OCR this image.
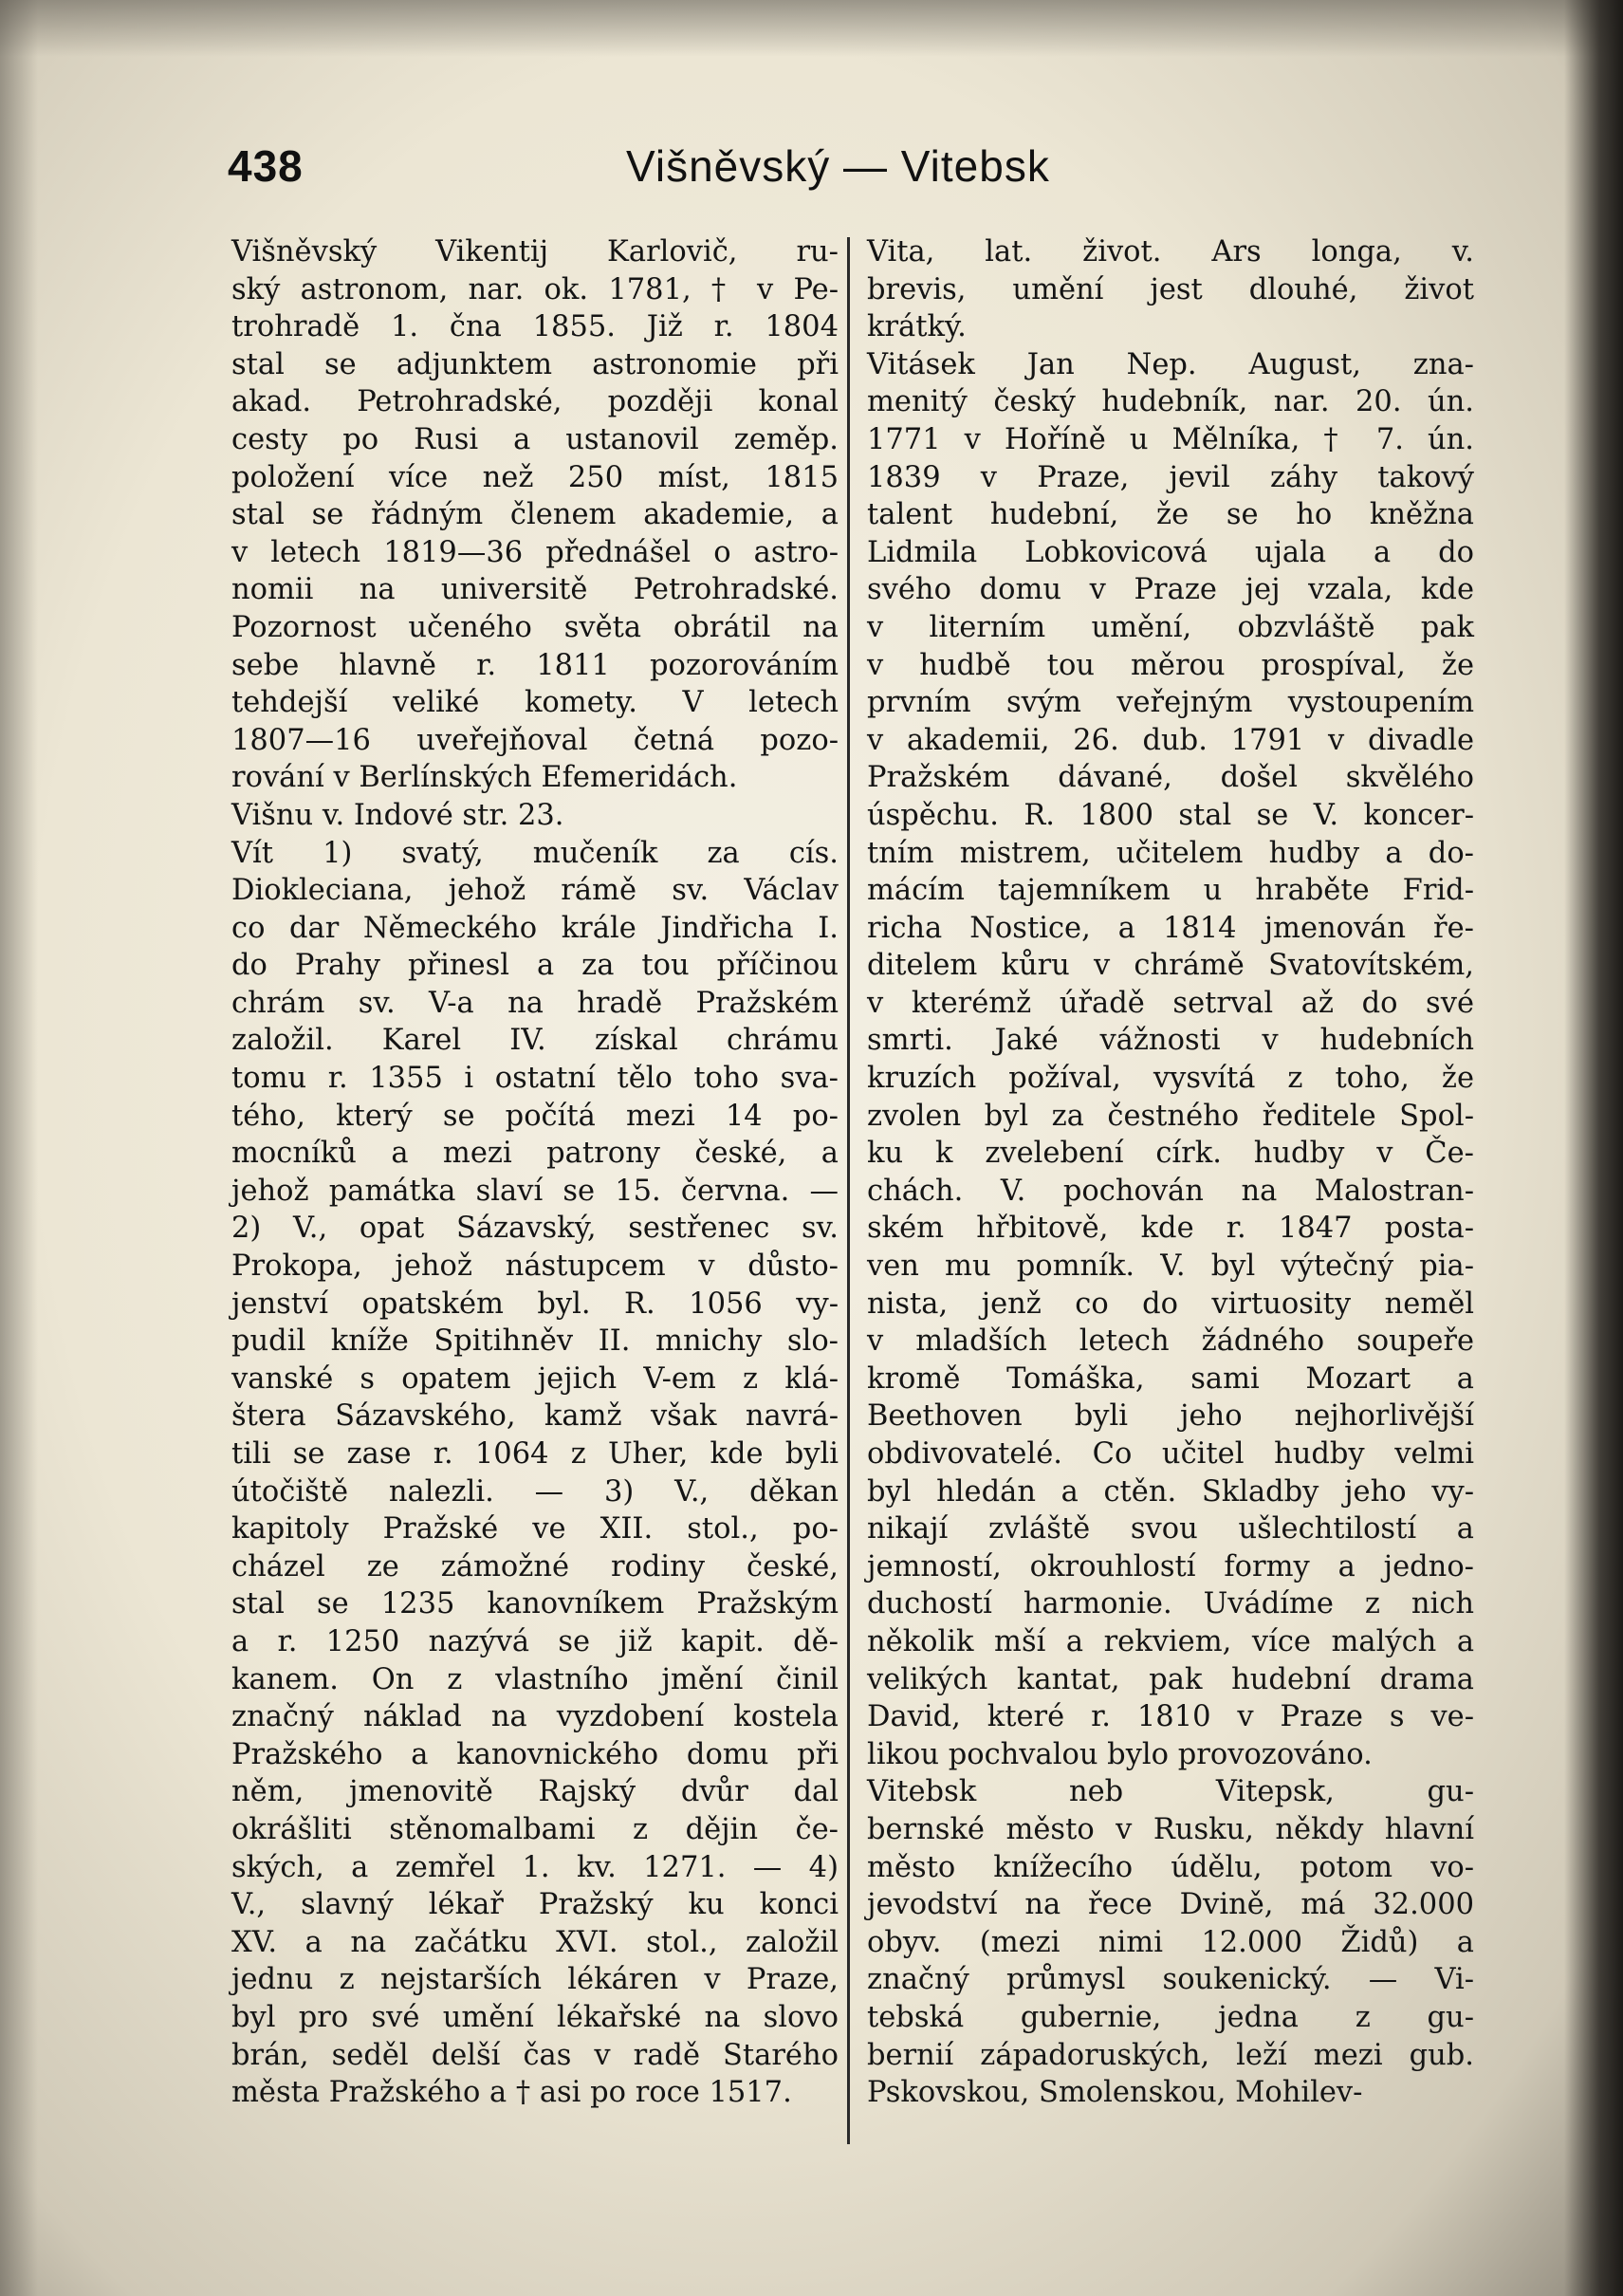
438	Višněvský — Vitebsk
Višněvský Vikentij Karlovič, ru-
ský astronom, nar. ok. 1781, † v Pe-
trohradě 1. čna 1855. Již r. 1804
stal se adjunktem astronomie při
akad. Petrohradské, později konal
cesty po Rusi a ustanovil zeměp.
položení více než 250 míst, 1815
stal se řádným členem akademie, a
v letech 1819—36 přednášel o astro-
nomii na universitě Petrohradské.
Pozornost učeného světa obrátil na
sebe hlavně r. 1811 pozorováním
tehdejší veliké komety. V letech
1807—16 uveřejňoval četná pozo-
rování v Berlínských Efemeridách.
Višnu v. Indové str. 23.
Vít 1) svatý, mučeník za cís.
Diokleciana, jehož rámě sv. Václav
co dar Německého krále Jindřicha I.
do Prahy přinesl a za tou příčinou
chrám sv. V-a na hradě Pražském
založil. Karel IV. získal chrámu
tomu r. 1355 i ostatní tělo toho sva-
tého, který se počítá mezi 14 po-
mocníků a mezi patrony české, a
jehož památka slaví se 15. června. —
2) V., opat Sázavský, sestřenec sv.
Prokopa, jehož nástupcem v důsto-
jenství opatském byl. R. 1056 vy-
pudil kníže Spitihněv II. mnichy slo-
vanské s opatem jejich V-em z klá-
štera Sázavského, kamž však navrá-
tili se zase r. 1064 z Uher, kde byli
útočiště nalezli. — 3) V., děkan
kapitoly Pražské ve XII. stol., po-
cházel ze zámožné rodiny české,
stal se 1235 kanovníkem Pražským
a r. 1250 nazývá se již kapit. dě-
kanem. On z vlastního jmění činil
značný náklad na vyzdobení kostela
Pražského a kanovnického domu při
něm, jmenovitě Rajský dvůr dal
okrášliti stěnomalbami z dějin če-
ských, a zemřel 1. kv. 1271. — 4)
V., slavný lékař Pražský ku konci
XV. a na začátku XVI. stol., založil
jednu z nejstarších lékáren v Praze,
byl pro své umění lékařské na slovo
brán, seděl delší čas v radě Starého
města Pražského a † asi po roce 1517.
Vita, lat. život. Ars longa, v.
brevis, umění jest dlouhé, život
krátký.
Vitásek Jan Nep. August, zna-
menitý český hudebník, nar. 20. ún.
1771 v Hoříně u Mělníka, † 7. ún.
1839 v Praze, jevil záhy takový
talent hudební, že se ho kněžna
Lidmila Lobkovicová ujala a do
svého domu v Praze jej vzala, kde
v literním umění, obzvláště pak
v hudbě tou měrou prospíval, že
prvním svým veřejným vystoupením
v akademii, 26. dub. 1791 v divadle
Pražském dávané, došel skvělého
úspěchu. R. 1800 stal se V. koncer-
tním mistrem, učitelem hudby a do-
mácím tajemníkem u hraběte Frid-
richa Nostice, a 1814 jmenován ře-
ditelem kůru v chrámě Svatovítském,
v kterémž úřadě setrval až do své
smrti. Jaké vážnosti v hudebních
kruzích požíval, vysvítá z toho, že
zvolen byl za čestného ředitele Spol-
ku k zvelebení círk. hudby v Če-
chách. V. pochován na Malostran-
ském hřbitově, kde r. 1847 posta-
ven mu pomník. V. byl výtečný pia-
nista, jenž co do virtuosity neměl
v mladších letech žádného soupeře
kromě Tomáška, sami Mozart a
Beethoven byli jeho nejhorlivější
obdivovatelé. Co učitel hudby velmi
byl hledán a ctěn. Skladby jeho vy-
nikají zvláště svou ušlechtilostí a
jemností, okrouhlostí formy a jedno-
duchostí harmonie. Uvádíme z nich
několik mší a rekviem, více malých a
velikých kantat, pak hudební drama
David, které r. 1810 v Praze s ve-
likou pochvalou bylo provozováno.
Vitebsk neb Vitepsk, gu-
bernské město v Rusku, někdy hlavní
město knížecího údělu, potom vo-
jevodství na řece Dvině, má 32.000
obyv. (mezi nimi 12.000 Židů) a
značný průmysl soukenický. — Vi-
tebská gubernie, jedna z gu-
bernií západoruských, leží mezi gub.
Pskovskou, Smolenskou, Mohilev-
